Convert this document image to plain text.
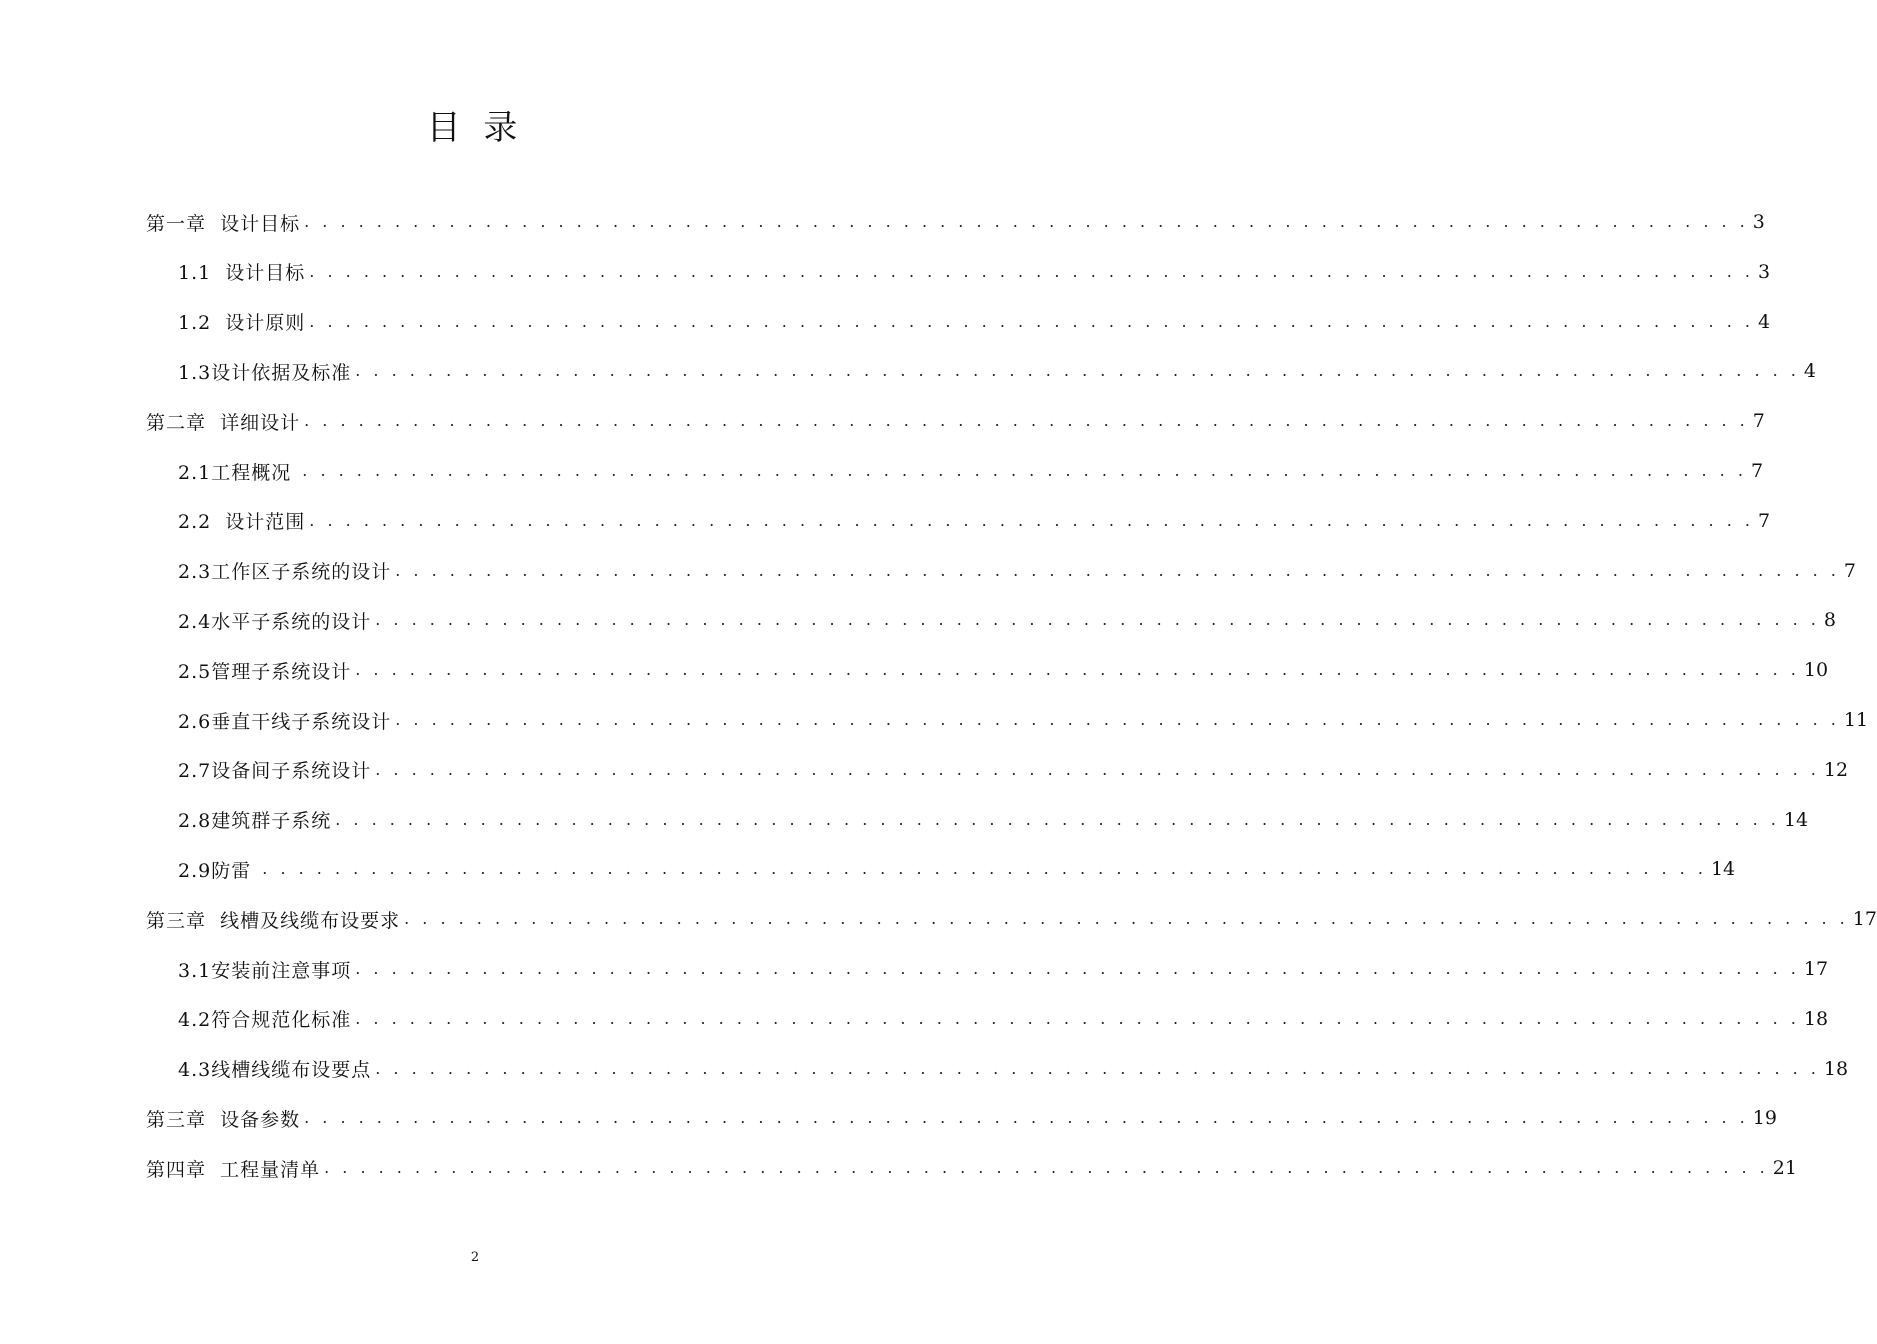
目 录
第一章  设计目标 . . . . . . . . . . . . . . . . . . . . . . . . . . . . . . . . . . . . . . . . . . . . . . . . . . . . . . . . . . . . . . . . . . . . . . . . . . . . . . . . 3
1.1  设计目标 . . . . . . . . . . . . . . . . . . . . . . . . . . . . . . . . . . . . . . . . . . . . . . . . . . . . . . . . . . . . . . . . . . . . . . . . . . . . . . . . 3
1.2  设计原则 . . . . . . . . . . . . . . . . . . . . . . . . . . . . . . . . . . . . . . . . . . . . . . . . . . . . . . . . . . . . . . . . . . . . . . . . . . . . . . . . 4
1.3设计依据及标准 . . . . . . . . . . . . . . . . . . . . . . . . . . . . . . . . . . . . . . . . . . . . . . . . . . . . . . . . . . . . . . . . . . . . . . . . . . . . . . . . 4
第二章  详细设计 . . . . . . . . . . . . . . . . . . . . . . . . . . . . . . . . . . . . . . . . . . . . . . . . . . . . . . . . . . . . . . . . . . . . . . . . . . . . . . . . 7
2.1工程概况 . . . . . . . . . . . . . . . . . . . . . . . . . . . . . . . . . . . . . . . . . . . . . . . . . . . . . . . . . . . . . . . . . . . . . . . . . . . . . . . . 7
2.2  设计范围 . . . . . . . . . . . . . . . . . . . . . . . . . . . . . . . . . . . . . . . . . . . . . . . . . . . . . . . . . . . . . . . . . . . . . . . . . . . . . . . . 7
2.3工作区子系统的设计 . . . . . . . . . . . . . . . . . . . . . . . . . . . . . . . . . . . . . . . . . . . . . . . . . . . . . . . . . . . . . . . . . . . . . . . . . . . . . . . . 7
2.4水平子系统的设计 . . . . . . . . . . . . . . . . . . . . . . . . . . . . . . . . . . . . . . . . . . . . . . . . . . . . . . . . . . . . . . . . . . . . . . . . . . . . . . . . 8
2.5管理子系统设计 . . . . . . . . . . . . . . . . . . . . . . . . . . . . . . . . . . . . . . . . . . . . . . . . . . . . . . . . . . . . . . . . . . . . . . . . . . . . . . . . 10
2.6垂直干线子系统设计 . . . . . . . . . . . . . . . . . . . . . . . . . . . . . . . . . . . . . . . . . . . . . . . . . . . . . . . . . . . . . . . . . . . . . . . . . . . . . . . . 11
2.7设备间子系统设计 . . . . . . . . . . . . . . . . . . . . . . . . . . . . . . . . . . . . . . . . . . . . . . . . . . . . . . . . . . . . . . . . . . . . . . . . . . . . . . . . 12
2.8建筑群子系统 . . . . . . . . . . . . . . . . . . . . . . . . . . . . . . . . . . . . . . . . . . . . . . . . . . . . . . . . . . . . . . . . . . . . . . . . . . . . . . . . 14
2.9防雷 . . . . . . . . . . . . . . . . . . . . . . . . . . . . . . . . . . . . . . . . . . . . . . . . . . . . . . . . . . . . . . . . . . . . . . . . . . . . . . . . 14
第三章  线槽及线缆布设要求 . . . . . . . . . . . . . . . . . . . . . . . . . . . . . . . . . . . . . . . . . . . . . . . . . . . . . . . . . . . . . . . . . . . . . . . . . . . . . . . . 17
3.1安装前注意事项 . . . . . . . . . . . . . . . . . . . . . . . . . . . . . . . . . . . . . . . . . . . . . . . . . . . . . . . . . . . . . . . . . . . . . . . . . . . . . . . . 17
4.2符合规范化标准 . . . . . . . . . . . . . . . . . . . . . . . . . . . . . . . . . . . . . . . . . . . . . . . . . . . . . . . . . . . . . . . . . . . . . . . . . . . . . . . . 18
4.3线槽线缆布设要点 . . . . . . . . . . . . . . . . . . . . . . . . . . . . . . . . . . . . . . . . . . . . . . . . . . . . . . . . . . . . . . . . . . . . . . . . . . . . . . . . 18
第三章  设备参数 . . . . . . . . . . . . . . . . . . . . . . . . . . . . . . . . . . . . . . . . . . . . . . . . . . . . . . . . . . . . . . . . . . . . . . . . . . . . . . . . 19
第四章  工程量清单 . . . . . . . . . . . . . . . . . . . . . . . . . . . . . . . . . . . . . . . . . . . . . . . . . . . . . . . . . . . . . . . . . . . . . . . . . . . . . . . . 21
2
